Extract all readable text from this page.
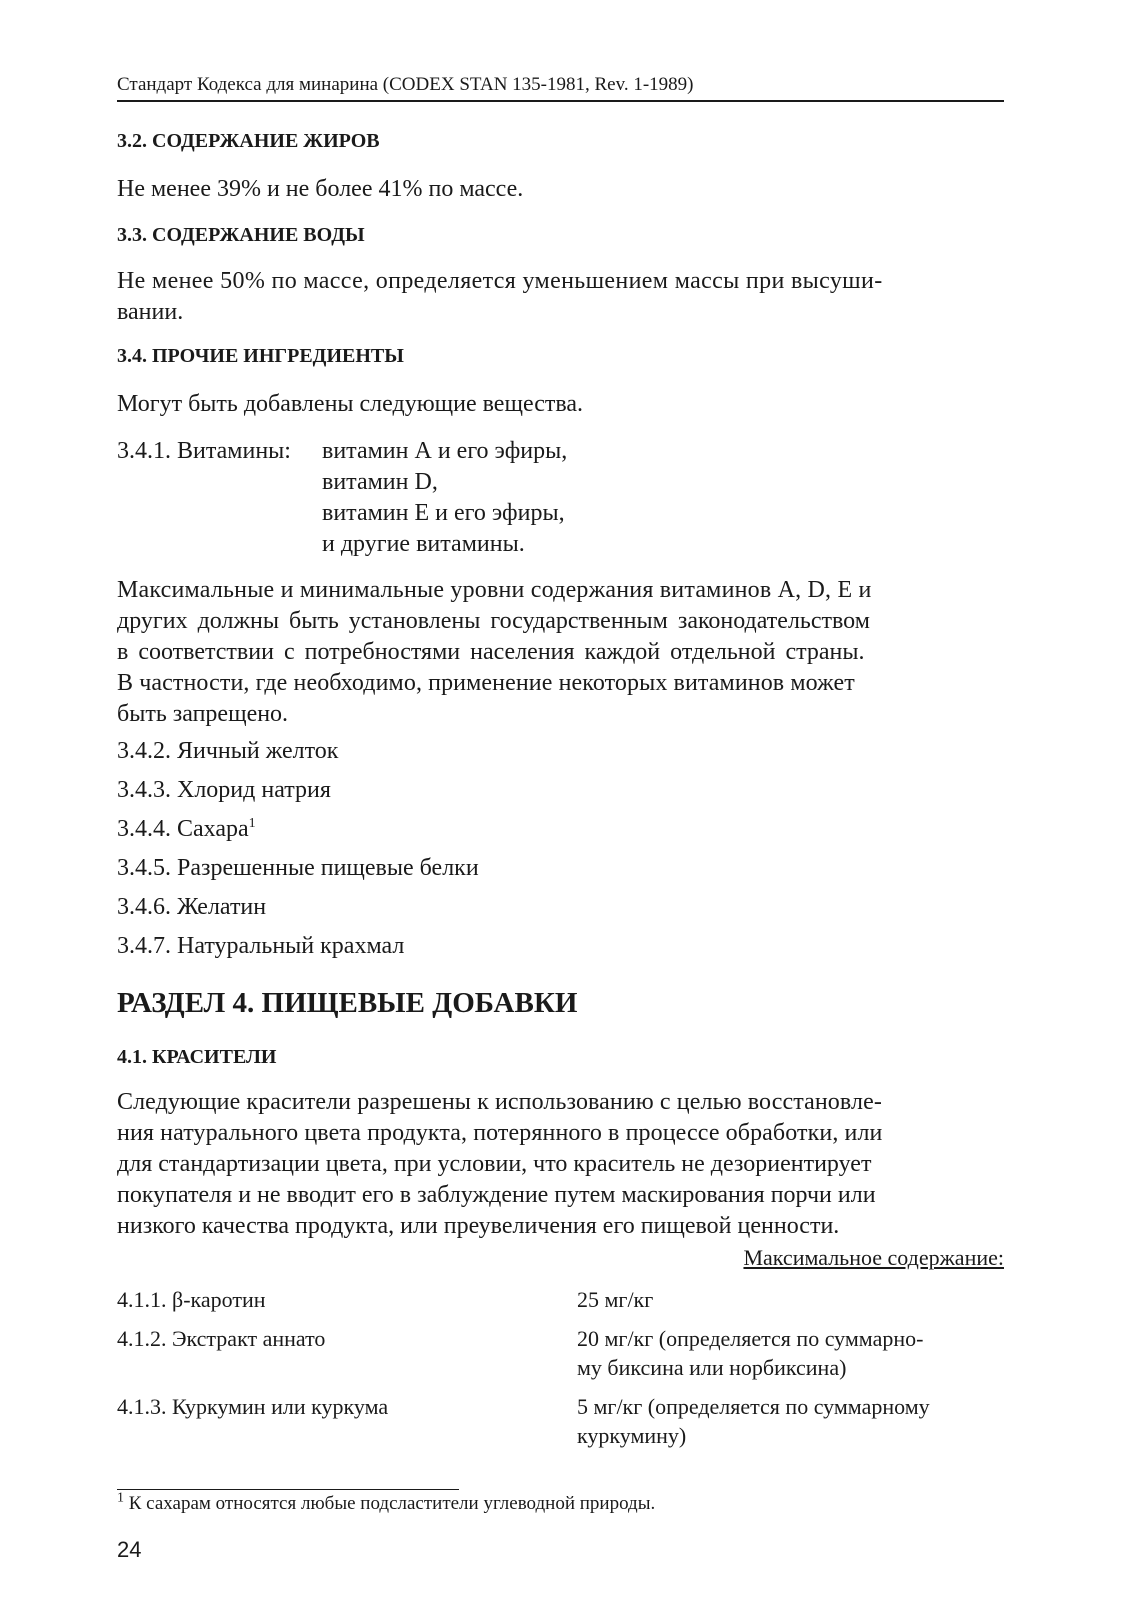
Стандарт Кодекса для минарина (CODEX STAN 135-1981, Rev. 1-1989)
3.2. СОДЕРЖАНИЕ ЖИРОВ
Не менее 39% и не более 41% по массе.
3.3. СОДЕРЖАНИЕ ВОДЫ
Не менее 50% по массе, определяется уменьшением массы при высуши-
вании.
3.4. ПРОЧИЕ ИНГРЕДИЕНТЫ
Могут быть добавлены следующие вещества.
3.4.1. Витамины:	витамин А и его эфиры,
витамин D,
витамин Е и его эфиры,
и другие витамины.
Максимальные и минимальные уровни содержания витаминов А, D, Е и
других должны быть установлены государственным законодательством
в соответствии с потребностями населения каждой отдельной страны.
В частности, где необходимо, применение некоторых витаминов может
быть запрещено.
3.4.2. Яичный желток
3.4.3. Хлорид натрия
3.4.4. Сахара$^1$
3.4.5. Разрешенные пищевые белки
3.4.6. Желатин
3.4.7. Натуральный крахмал
РАЗДЕЛ 4. ПИЩЕВЫЕ ДОБАВКИ
4.1. КРАСИТЕЛИ
Следующие красители разрешены к использованию с целью восстановле-
ния натурального цвета продукта, потерянного в процессе обработки, или
для стандартизации цвета, при условии, что краситель не дезориентирует
покупателя и не вводит его в заблуждение путем маскирования порчи или
низкого качества продукта, или преувеличения его пищевой ценности.
Максимальное содержание:
4.1.1. β-каротин	25 мг/кг
4.1.2. Экстракт аннато	20 мг/кг (определяется по суммарно-
му биксина или норбиксина)
4.1.3. Куркумин или куркума	5 мг/кг (определяется по суммарному
куркумину)
$^1$ К сахарам относятся любые подсластители углеводной природы.
24
